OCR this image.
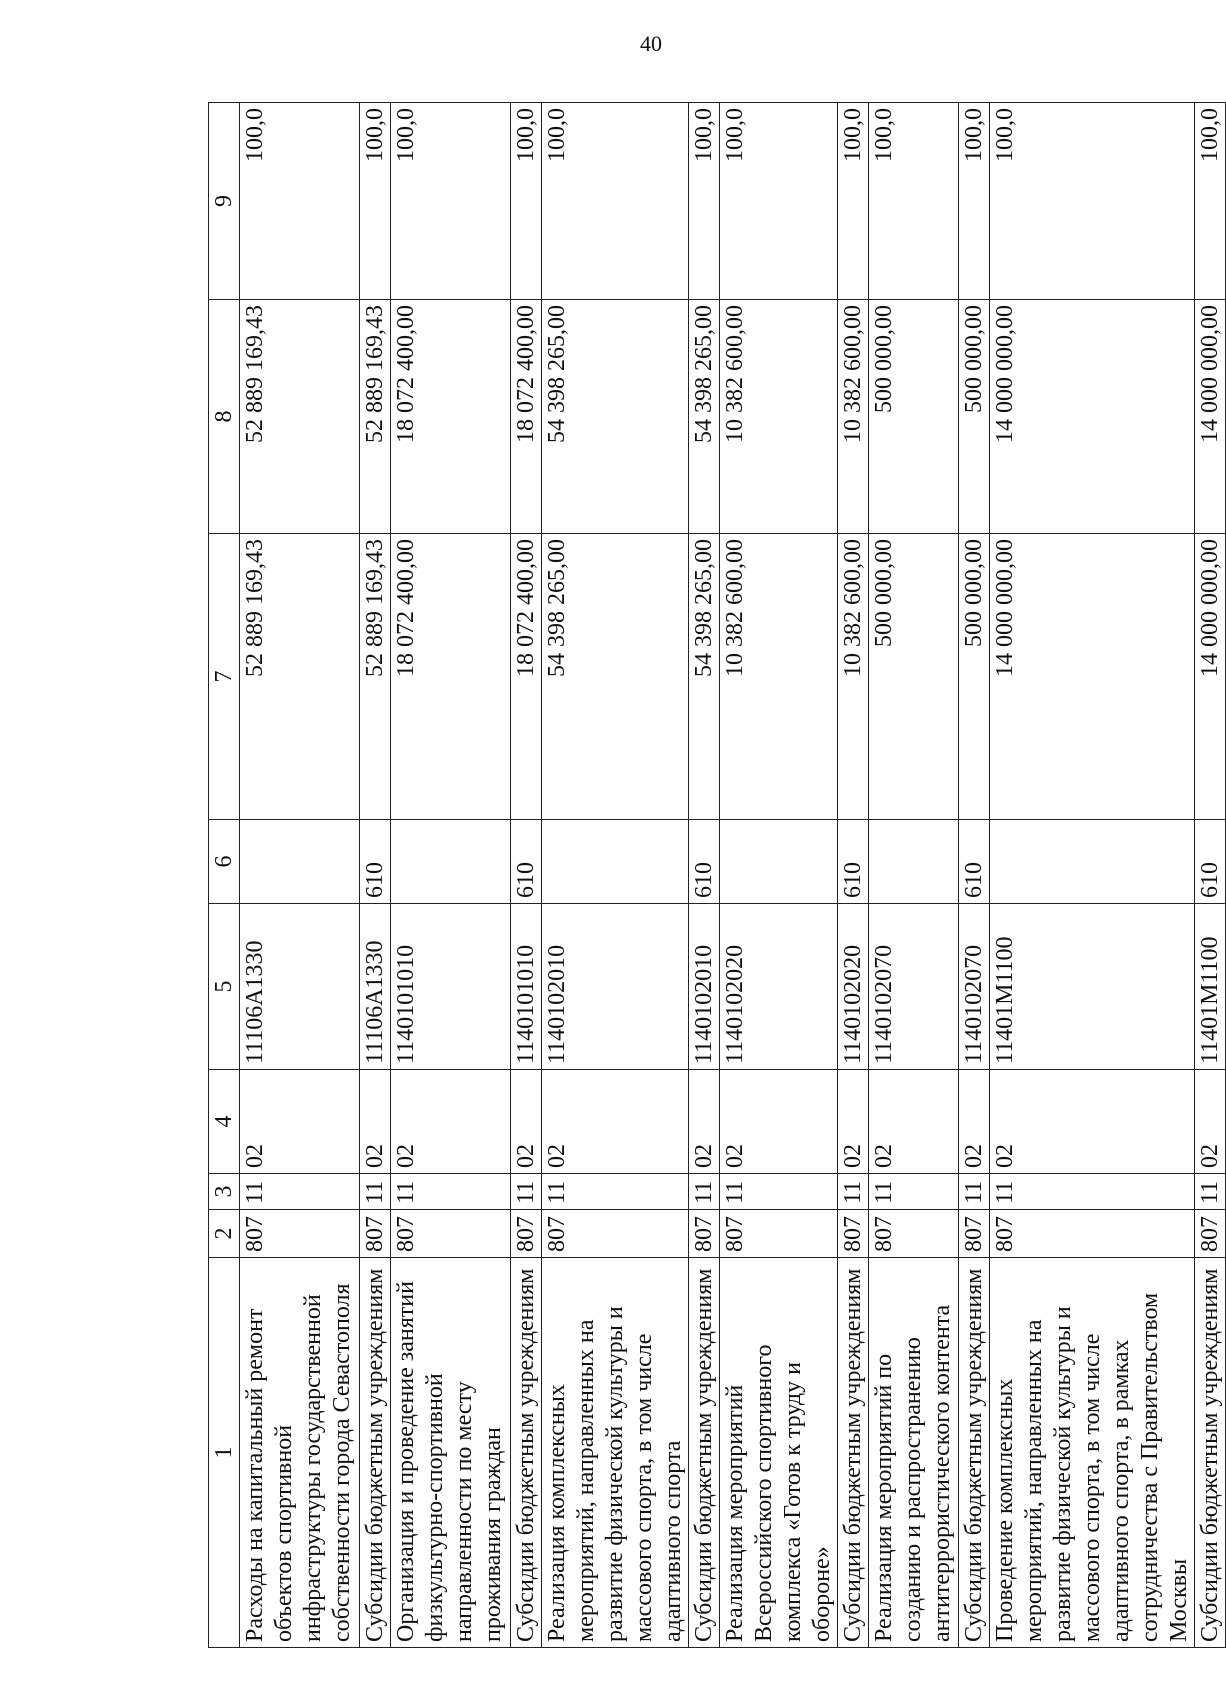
40
1	2	3	4	5	6	7	8	9
Расходы на капитальный ремонт объектов спортивной инфраструктуры государственной собственности города Севастополя	807	11	02	11106A1330		52 889 169,43	52 889 169,43	100,0
Субсидии бюджетным учреждениям	807	11	02	11106A1330	610	52 889 169,43	52 889 169,43	100,0
Организация и проведение занятий физкультурно-спортивной направленности по месту проживания граждан	807	11	02	1140101010		18 072 400,00	18 072 400,00	100,0
Субсидии бюджетным учреждениям	807	11	02	1140101010	610	18 072 400,00	18 072 400,00	100,0
Реализация комплексных мероприятий, направленных на развитие физической культуры и массового спорта, в том числе адаптивного спорта	807	11	02	1140102010		54 398 265,00	54 398 265,00	100,0
Субсидии бюджетным учреждениям	807	11	02	1140102010	610	54 398 265,00	54 398 265,00	100,0
Реализация мероприятий Всероссийского спортивного комплекса «Готов к труду и обороне»	807	11	02	1140102020		10 382 600,00	10 382 600,00	100,0
Субсидии бюджетным учреждениям	807	11	02	1140102020	610	10 382 600,00	10 382 600,00	100,0
Реализация мероприятий по созданию и распространению антитеррористического контента	807	11	02	1140102070		500 000,00	500 000,00	100,0
Субсидии бюджетным учреждениям	807	11	02	1140102070	610	500 000,00	500 000,00	100,0
Проведение комплексных мероприятий, направленных на развитие физической культуры и массового спорта, в том числе адаптивного спорта, в рамках сотрудничества с Правительством Москвы	807	11	02	11401M1100		14 000 000,00	14 000 000,00	100,0
Субсидии бюджетным учреждениям	807	11	02	11401M1100	610	14 000 000,00	14 000 000,00	100,0
